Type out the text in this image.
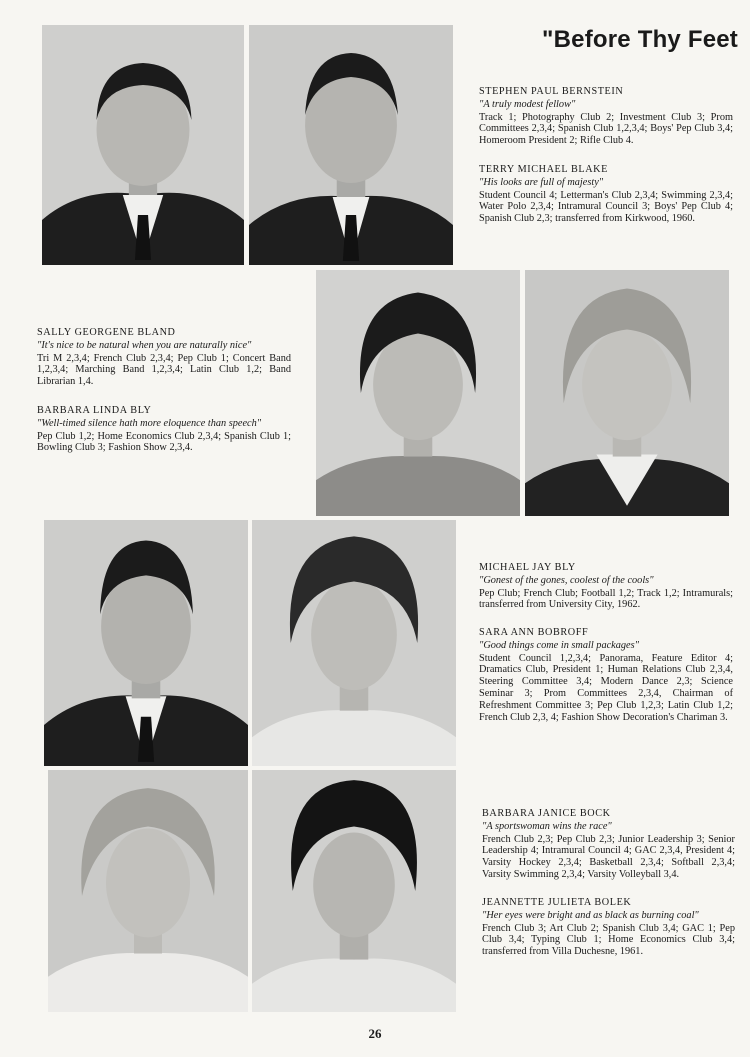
"Before Thy Feet
STEPHEN PAUL BERNSTEIN
"A truly modest fellow"
Track 1; Photography Club 2; Investment Club 3; Prom Committees 2,3,4; Spanish Club 1,2,3,4; Boys' Pep Club 3,4; Homeroom President 2; Rifle Club 4.
TERRY MICHAEL BLAKE
"His looks are full of majesty"
Student Council 4; Letterman's Club 2,3,4; Swimming 2,3,4; Water Polo 2,3,4; Intramural Council 3; Boys' Pep Club 4; Spanish Club 2,3; transferred from Kirkwood, 1960.
SALLY GEORGENE BLAND
"It's nice to be natural when you are naturally nice"
Tri M 2,3,4; French Club 2,3,4; Pep Club 1; Concert Band 1,2,3,4; Marching Band 1,2,3,4; Latin Club 1,2; Band Librarian 1,4.
BARBARA LINDA BLY
"Well-timed silence hath more eloquence than speech"
Pep Club 1,2; Home Economics Club 2,3,4; Spanish Club 1; Bowling Club 3; Fashion Show 2,3,4.
MICHAEL JAY BLY
"Gonest of the gones, coolest of the cools"
Pep Club; French Club; Football 1,2; Track 1,2; Intramurals; transferred from University City, 1962.
SARA ANN BOBROFF
"Good things come in small packages"
Student Council 1,2,3,4; Panorama, Feature Editor 4; Dramatics Club, President 1; Human Relations Club 2,3,4, Steering Committee 3,4; Modern Dance 2,3; Science Seminar 3; Prom Committees 2,3,4, Chairman of Refreshment Committee 3; Pep Club 1,2,3; Latin Club 1,2; French Club 2,3, 4; Fashion Show Decoration's Chariman 3.
BARBARA JANICE BOCK
"A sportswoman wins the race"
French Club 2,3; Pep Club 2,3; Junior Leadership 3; Senior Leadership 4; Intramural Council 4; GAC 2,3,4, President 4; Varsity Hockey 2,3,4; Basketball 2,3,4; Softball 2,3,4; Varsity Swimming 2,3,4; Varsity Volleyball 3,4.
JEANNETTE JULIETA BOLEK
"Her eyes were bright and as black as burning coal"
French Club 3; Art Club 2; Spanish Club 3,4; GAC 1; Pep Club 3,4; Typing Club 1; Home Economics Club 3,4; transferred from Villa Duchesne, 1961.
26
